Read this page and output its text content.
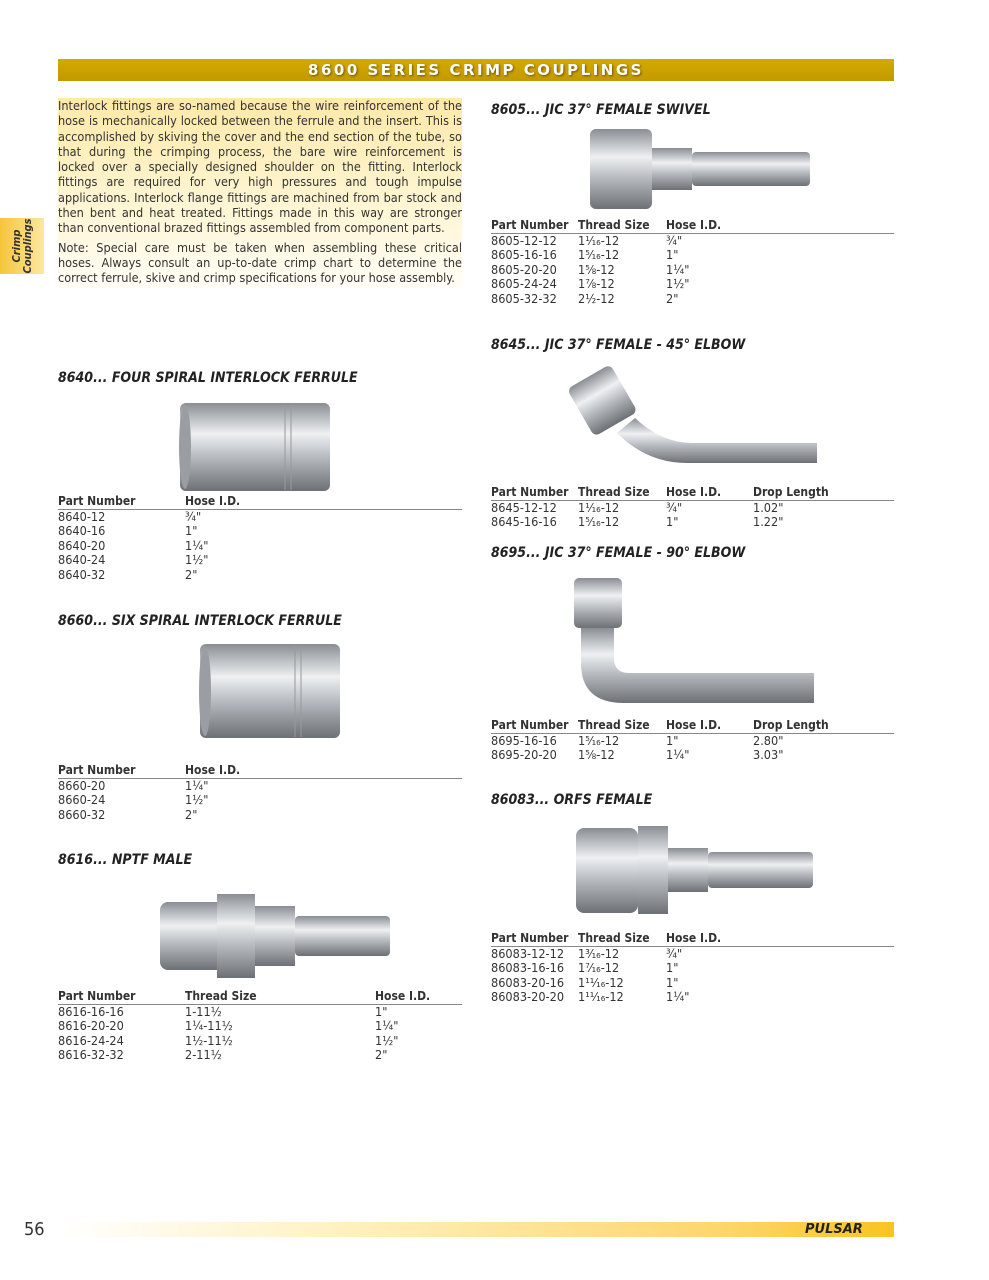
8600 SERIES CRIMP COUPLINGS
Crimp
Couplings

Interlock fittings are so-named because the wire reinforcement of the hose is mechanically locked between the ferrule and the insert. This is accomplished by skiving the cover and the end section of the tube, so that during the crimping process, the bare wire reinforcement is locked over a specially designed shoulder on the fitting. Interlock fittings are required for very high pressures and tough impulse applications. Interlock flange fittings are machined from bar stock and then bent and heat treated. Fittings made in this way are stronger than conventional brazed fittings assembled from component parts.

Note: Special care must be taken when assembling these critical hoses. Always consult an up-to-date crimp chart to determine the correct ferrule, skive and crimp specifications for your hose assembly.

8640... FOUR SPIRAL INTERLOCK FERRULE
Part Number	Hose I.D.
8640-12	¾"
8640-16	1"
8640-20	1¼"
8640-24	1½"
8640-32	2"
8660... SIX SPIRAL INTERLOCK FERRULE
Part Number	Hose I.D.
8660-20	1¼"
8660-24	1½"
8660-32	2"
8616... NPTF MALE
Part Number	Thread Size	Hose I.D.
8616-16-16	1-11½	1"
8616-20-20	1¼-11½	1¼"
8616-24-24	1½-11½	1½"
8616-32-32	2-11½	2"
8605... JIC 37° FEMALE SWIVEL
Part Number	Thread Size	Hose I.D.
8605-12-12	1¹⁄₁₆-12	¾"
8605-16-16	1⁵⁄₁₆-12	1"
8605-20-20	1⅝-12	1¼"
8605-24-24	1⅞-12	1½"
8605-32-32	2½-12	2"
8645... JIC 37° FEMALE - 45° ELBOW
Part Number	Thread Size	Hose I.D.	Drop Length
8645-12-12	1¹⁄₁₆-12	¾"	1.02"
8645-16-16	1⁵⁄₁₆-12	1"	1.22"
8695... JIC 37° FEMALE - 90° ELBOW
Part Number	Thread Size	Hose I.D.	Drop Length
8695-16-16	1⁵⁄₁₆-12	1"	2.80"
8695-20-20	1⅝-12	1¼"	3.03"
86083... ORFS FEMALE
Part Number	Thread Size	Hose I.D.
86083-12-12	1³⁄₁₆-12	¾"
86083-16-16	1⁷⁄₁₆-12	1"
86083-20-16	1¹¹⁄₁₆-12	1"
86083-20-20	1¹¹⁄₁₆-12	1¼"
56	PULSAR
